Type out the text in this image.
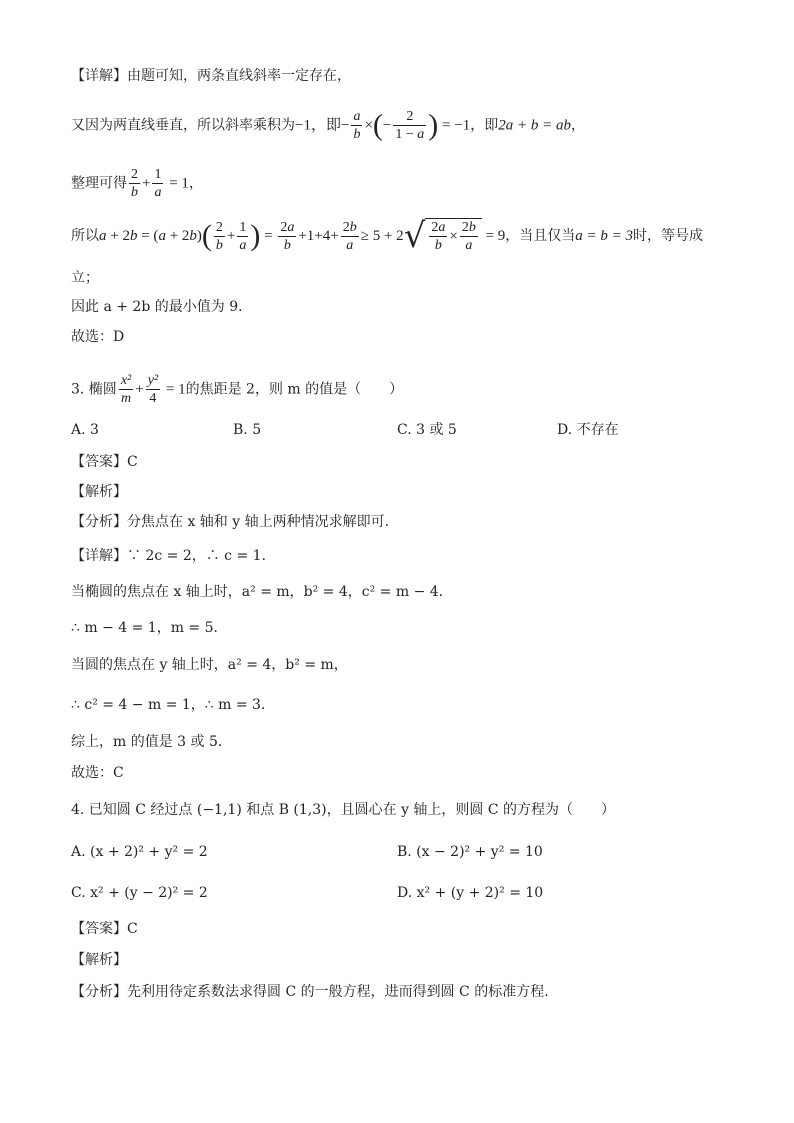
【详解】由题可知，两条直线斜率一定存在，
又因为两直线垂直，所以斜率乘积为−1，即− $\frac{a}{b}$ ×(− $\frac{2}{1 - a}$ ) = −1，即2a + b = ab，
整理可得 $\frac{2}{b} + \frac{1}{a} = 1$，
所以$a + 2b = (a + 2b)( \frac{2}{b} + \frac{1}{a}$ ) = $\frac{2a}{b} +1+4+ \frac{2b}{a} \ge 5 + 2√ \frac{2a}{b} \times \frac{2b}{a} = 9$，当且仅当a = b = 3时，等号成
立；
因此 a + 2b 的最小值为 9．
故选：D
3. 椭圆 $\frac{\text{x²}}{m} + \frac{\text{y²}}{4} = 1$的焦距是 2，则 m 的值是（　　）
A. 3	B. 5	C. 3 或 5	D. 不存在
【答案】C
【解析】
【分析】分焦点在 x 轴和 y 轴上两种情况求解即可.
【详解】∵ 2c = 2，∴ c = 1．
当椭圆的焦点在 x 轴上时，a² = m，b² = 4，c² = m − 4．
∴ m − 4 = 1，m = 5．
当圆的焦点在 y 轴上时，a² = 4，b² = m，
∴ c² = 4 − m = 1，∴ m = 3．
综上，m 的值是 3 或 5．
故选：C
4. 已知圆 C 经过点 (−1,1) 和点 B (1,3)，且圆心在 y 轴上，则圆 C 的方程为（　　）
A. (x + 2)² + y² = 2	B. (x − 2)² + y² = 10
C. x² + (y − 2)² = 2	D. x² + (y + 2)² = 10
【答案】C
【解析】
【分析】先利用待定系数法求得圆 C 的一般方程，进而得到圆 C 的标准方程.
